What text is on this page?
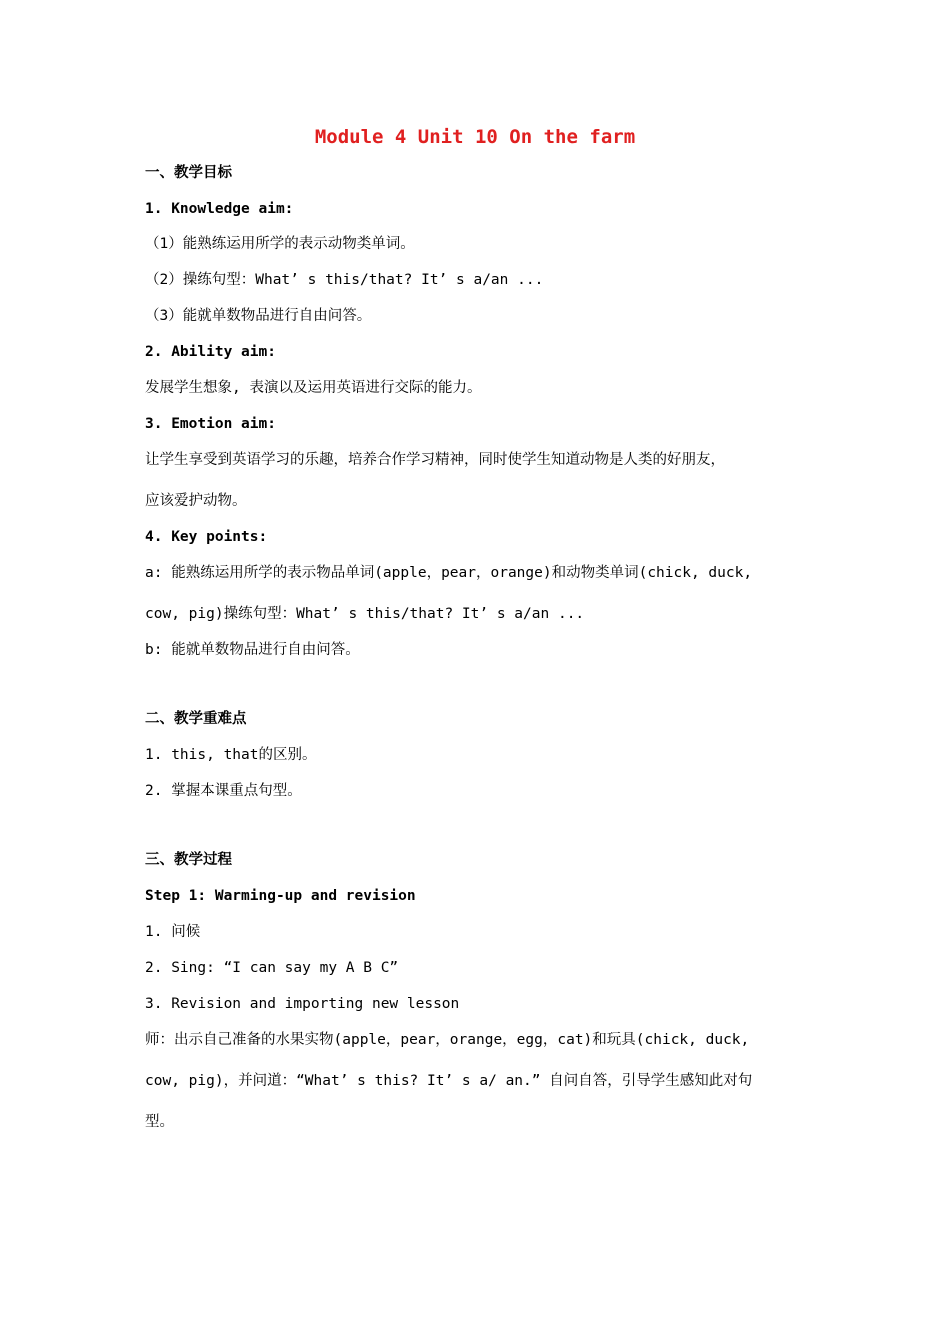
Module 4 Unit 10 On the farm
一、教学目标
1. Knowledge aim:
（1）能熟练运用所学的表示动物类单词。
（2）操练句型：What’ s this/that? It’ s a/an ...
（3）能就单数物品进行自由问答。
2. Ability aim:
发展学生想象, 表演以及运用英语进行交际的能力。
3. Emotion aim:
让学生享受到英语学习的乐趣，培养合作学习精神，同时使学生知道动物是人类的好朋友，
应该爱护动物。
4. Key points:
a: 能熟练运用所学的表示物品单词(apple，pear，orange)和动物类单词(chick, duck,
cow, pig)操练句型：What’ s this/that? It’ s a/an ...
b: 能就单数物品进行自由问答。
二、教学重难点
1. this, that的区别。
2. 掌握本课重点句型。
三、教学过程
Step 1: Warming-up and revision
1. 问候
2. Sing: “I can say my A B C”
3. Revision and importing new lesson
师：出示自己准备的水果实物(apple，pear，orange，egg，cat)和玩具(chick, duck,
cow, pig)，并问道：“What’ s this? It’ s a/ an.” 自问自答，引导学生感知此对句
型。
